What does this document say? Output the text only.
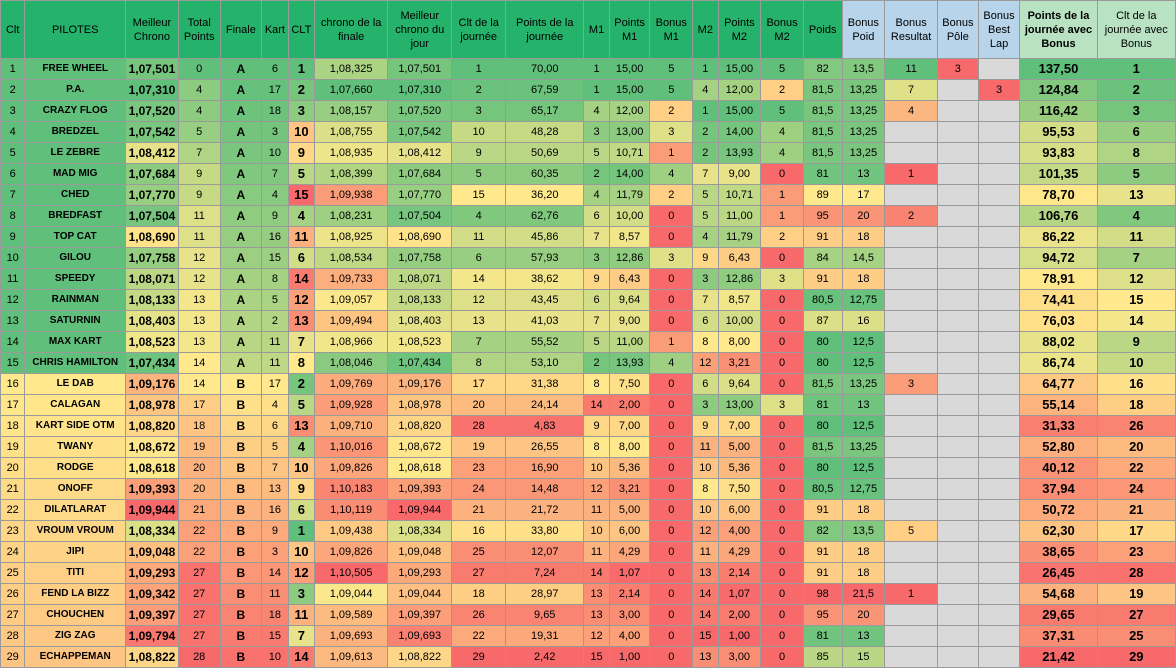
Clt	PILOTES	Meilleur Chrono	Total Points	Finale	Kart	CLT	chrono de la finale	Meilleur chrono du jour	Clt de la journée	Points de la journée	M1	Points M1	Bonus M1	M2	Points M2	Bonus M2	Poids	Bonus Poid	Bonus Resultat	Bonus Pôle	Bonus Best Lap	Points de la journée avec Bonus	Clt de la journée avec Bonus
1	FREE WHEEL	1,07,501	0	A	6	1	1,08,325	1,07,501	1	70,00	1	15,00	5	1	15,00	5	82	13,5	11	3		137,50	1
2	P.A.	1,07,310	4	A	17	2	1,07,660	1,07,310	2	67,59	1	15,00	5	4	12,00	2	81,5	13,25	7		3	124,84	2
3	CRAZY FLOG	1,07,520	4	A	18	3	1,08,157	1,07,520	3	65,17	4	12,00	2	1	15,00	5	81,5	13,25	4			116,42	3
4	BREDZEL	1,07,542	5	A	3	10	1,08,755	1,07,542	10	48,28	3	13,00	3	2	14,00	4	81,5	13,25				95,53	6
5	LE ZEBRE	1,08,412	7	A	10	9	1,08,935	1,08,412	9	50,69	5	10,71	1	2	13,93	4	81,5	13,25				93,83	8
6	MAD MIG	1,07,684	9	A	7	5	1,08,399	1,07,684	5	60,35	2	14,00	4	7	9,00	0	81	13	1			101,35	5
7	CHED	1,07,770	9	A	4	15	1,09,938	1,07,770	15	36,20	4	11,79	2	5	10,71	1	89	17				78,70	13
8	BREDFAST	1,07,504	11	A	9	4	1,08,231	1,07,504	4	62,76	6	10,00	0	5	11,00	1	95	20	2			106,76	4
9	TOP CAT	1,08,690	11	A	16	11	1,08,925	1,08,690	11	45,86	7	8,57	0	4	11,79	2	91	18				86,22	11
10	GILOU	1,07,758	12	A	15	6	1,08,534	1,07,758	6	57,93	3	12,86	3	9	6,43	0	84	14,5				94,72	7
11	SPEEDY	1,08,071	12	A	8	14	1,09,733	1,08,071	14	38,62	9	6,43	0	3	12,86	3	91	18				78,91	12
12	RAINMAN	1,08,133	13	A	5	12	1,09,057	1,08,133	12	43,45	6	9,64	0	7	8,57	0	80,5	12,75				74,41	15
13	SATURNIN	1,08,403	13	A	2	13	1,09,494	1,08,403	13	41,03	7	9,00	0	6	10,00	0	87	16				76,03	14
14	MAX KART	1,08,523	13	A	11	7	1,08,966	1,08,523	7	55,52	5	11,00	1	8	8,00	0	80	12,5				88,02	9
15	CHRIS HAMILTON	1,07,434	14	A	11	8	1,08,046	1,07,434	8	53,10	2	13,93	4	12	3,21	0	80	12,5				86,74	10
16	LE DAB	1,09,176	14	B	17	2	1,09,769	1,09,176	17	31,38	8	7,50	0	6	9,64	0	81,5	13,25	3			64,77	16
17	CALAGAN	1,08,978	17	B	4	5	1,09,928	1,08,978	20	24,14	14	2,00	0	3	13,00	3	81	13				55,14	18
18	KART SIDE OTM	1,08,820	18	B	6	13	1,09,710	1,08,820	28	4,83	9	7,00	0	9	7,00	0	80	12,5				31,33	26
19	TWANY	1,08,672	19	B	5	4	1,10,016	1,08,672	19	26,55	8	8,00	0	11	5,00	0	81,5	13,25				52,80	20
20	RODGE	1,08,618	20	B	7	10	1,09,826	1,08,618	23	16,90	10	5,36	0	10	5,36	0	80	12,5				40,12	22
21	ONOFF	1,09,393	20	B	13	9	1,10,183	1,09,393	24	14,48	12	3,21	0	8	7,50	0	80,5	12,75				37,94	24
22	DILATLARAT	1,09,944	21	B	16	6	1,10,119	1,09,944	21	21,72	11	5,00	0	10	6,00	0	91	18				50,72	21
23	VROUM VROUM	1,08,334	22	B	9	1	1,09,438	1,08,334	16	33,80	10	6,00	0	12	4,00	0	82	13,5	5			62,30	17
24	JIPI	1,09,048	22	B	3	10	1,09,826	1,09,048	25	12,07	11	4,29	0	11	4,29	0	91	18				38,65	23
25	TITI	1,09,293	27	B	14	12	1,10,505	1,09,293	27	7,24	14	1,07	0	13	2,14	0	91	18				26,45	28
26	FEND LA BIZZ	1,09,342	27	B	11	3	1,09,044	1,09,044	18	28,97	13	2,14	0	14	1,07	0	98	21,5	1			54,68	19
27	CHOUCHEN	1,09,397	27	B	18	11	1,09,589	1,09,397	26	9,65	13	3,00	0	14	2,00	0	95	20				29,65	27
28	ZIG ZAG	1,09,794	27	B	15	7	1,09,693	1,09,693	22	19,31	12	4,00	0	15	1,00	0	81	13				37,31	25
29	ECHAPPEMAN	1,08,822	28	B	10	14	1,09,613	1,08,822	29	2,42	15	1,00	0	13	3,00	0	85	15				21,42	29
